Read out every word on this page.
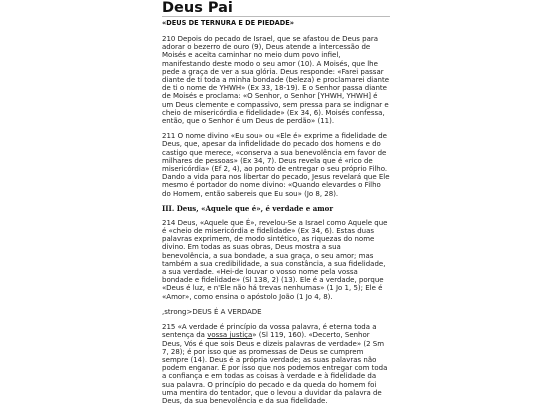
Deus Pai
«DEUS DE TERNURA E DE PIEDADE»

210 Depois do pecado de Israel, que se afastou de Deus para adorar o bezerro de ouro (9), Deus atende a intercessão de Moisés e aceita caminhar no meio dum povo infiel, manifestando deste modo o seu amor (10). A Moisés, que lhe pede a graça de ver a sua glória. Deus responde: «Farei passar diante de ti toda a minha bondade (beleza) e proclamarei diante de ti o nome de YHWH» (Ex 33, 18-19). E o Senhor passa diante de Moisés e proclama: «O Senhor, o Senhor [YHWH, YHWH] é um Deus clemente e compassivo, sem pressa para se indignar e cheio de misericórdia e fidelidade» (Ex 34, 6). Moisés confessa, então, que o Senhor é um Deus de perdão» (11).

211 O nome divino «Eu sou» ou «Ele é» exprime a fidelidade de Deus, que, apesar da infidelidade do pecado dos homens e do castigo que merece, «conserva a sua benevolência em favor de milhares de pessoas» (Ex 34, 7). Deus revela que é «rico de misericórdia» (Ef 2, 4), ao ponto de entregar o seu próprio Filho. Dando a vida para nos libertar do pecado, Jesus revelará que Ele mesmo é portador do nome divino: «Quando elevardes o Filho do Homem, então sabereis que Eu sou» (Jo 8, 28).

III. Deus, «Aquele que é», é verdade e amor

214 Deus, «Aquele que É», revelou-Se a Israel como Aquele que é «cheio de misericórdia e fidelidade» (Ex 34, 6). Estas duas palavras exprimem, de modo sintético, as riquezas do nome divino. Em todas as suas obras, Deus mostra a sua benevolência, a sua bondade, a sua graça, o seu amor; mas também a sua credibilidade, a sua constância, a sua fidelidade, a sua verdade. «Hei-de louvar o vosso nome pela vossa bondade e fidelidade» (Sl 138, 2) (13). Ele é a verdade, porque «Deus é luz, e n'Ele não há trevas nenhumas» (1 Jo 1, 5); Ele é «Amor», como ensina o apóstolo João (1 Jo 4, 8).

,strong>DEUS É A VERDADE

215 «A verdade é princípio da vossa palavra, é eterna toda a sentença da vossa justiça» (Sl 119, 160). «Decerto, Senhor Deus, Vós é que sois Deus e dizeis palavras de verdade» (2 Sm 7, 28); é por isso que as promessas de Deus se cumprem sempre (14). Deus é a própria verdade; as suas palavras não podem enganar. É por isso que nos podemos entregar com toda a confiança e em todas as coisas à verdade e à fidelidade da sua palavra. O princípio do pecado e da queda do homem foi uma mentira do tentador, que o levou a duvidar da palavra de Deus, da sua benevolência e da sua fidelidade.
